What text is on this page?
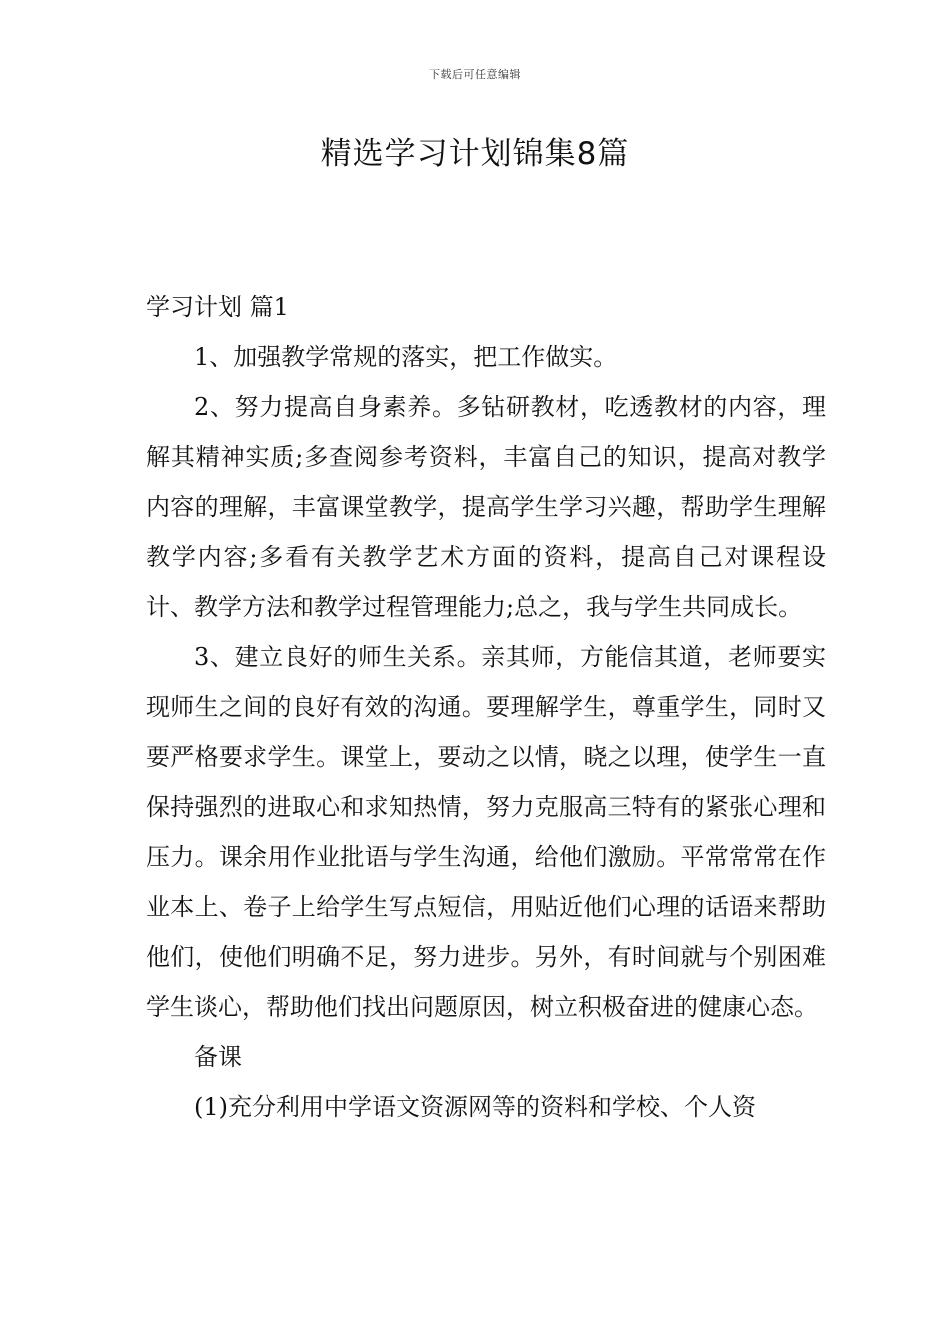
下载后可任意编辑
精选学习计划锦集8篇
学习计划 篇1

1、加强教学常规的落实，把工作做实。

2、努力提高自身素养。多钻研教材，吃透教材的内容，理解其精神实质;多查阅参考资料，丰富自己的知识，提高对教学内容的理解，丰富课堂教学，提高学生学习兴趣，帮助学生理解教学内容;多看有关教学艺术方面的资料，提高自己对课程设计、教学方法和教学过程管理能力;总之，我与学生共同成长。

3、建立良好的师生关系。亲其师，方能信其道，老师要实现师生之间的良好有效的沟通。要理解学生，尊重学生，同时又要严格要求学生。课堂上，要动之以情，晓之以理，使学生一直保持强烈的进取心和求知热情，努力克服高三特有的紧张心理和压力。课余用作业批语与学生沟通，给他们激励。平常常常在作业本上、卷子上给学生写点短信，用贴近他们心理的话语来帮助他们，使他们明确不足，努力进步。另外，有时间就与个别困难学生谈心，帮助他们找出问题原因，树立积极奋进的健康心态。

备课

(1)充分利用中学语文资源网等的资料和学校、个人资
